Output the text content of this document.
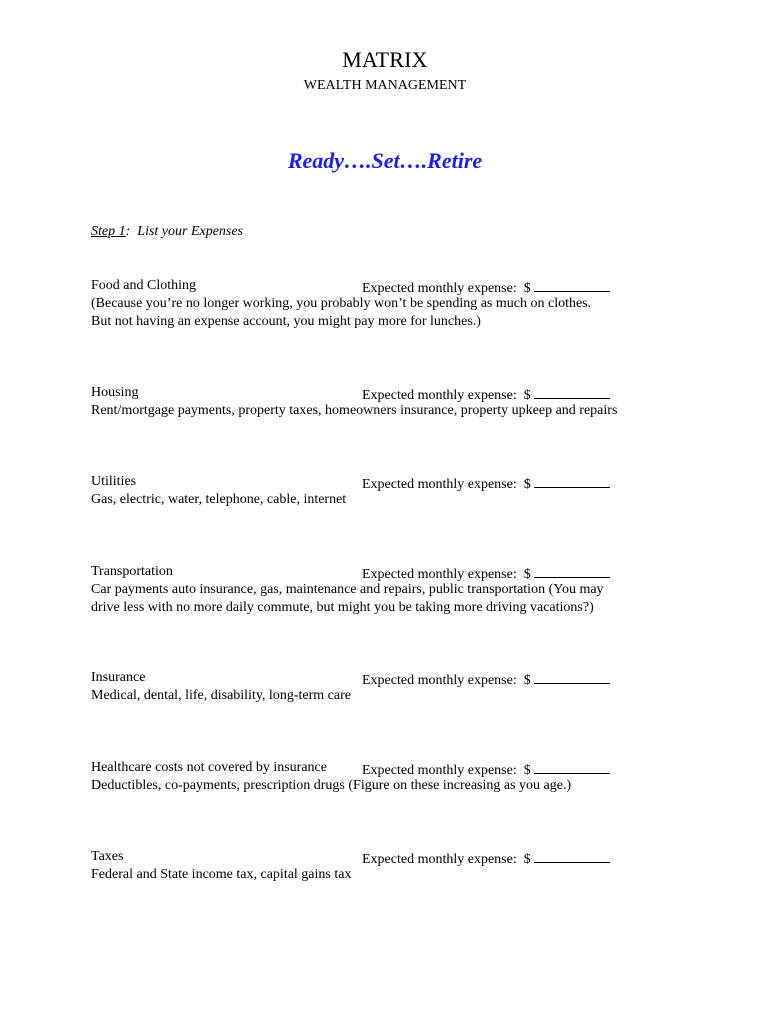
MATRIX
WEALTH MANAGEMENT
Ready….Set….Retire
Step 1: List your Expenses
Food and Clothing	Expected monthly expense: $
(Because you’re no longer working, you probably won’t be spending as much on clothes.
But not having an expense account, you might pay more for lunches.)
Housing	Expected monthly expense: $
Rent/mortgage payments, property taxes, homeowners insurance, property upkeep and repairs
Utilities	Expected monthly expense: $
Gas, electric, water, telephone, cable, internet
Transportation	Expected monthly expense: $
Car payments auto insurance, gas, maintenance and repairs, public transportation (You may
drive less with no more daily commute, but might you be taking more driving vacations?)
Insurance	Expected monthly expense: $
Medical, dental, life, disability, long-term care
Healthcare costs not covered by insurance	Expected monthly expense: $
Deductibles, co-payments, prescription drugs (Figure on these increasing as you age.)
Taxes	Expected monthly expense: $
Federal and State income tax, capital gains tax
